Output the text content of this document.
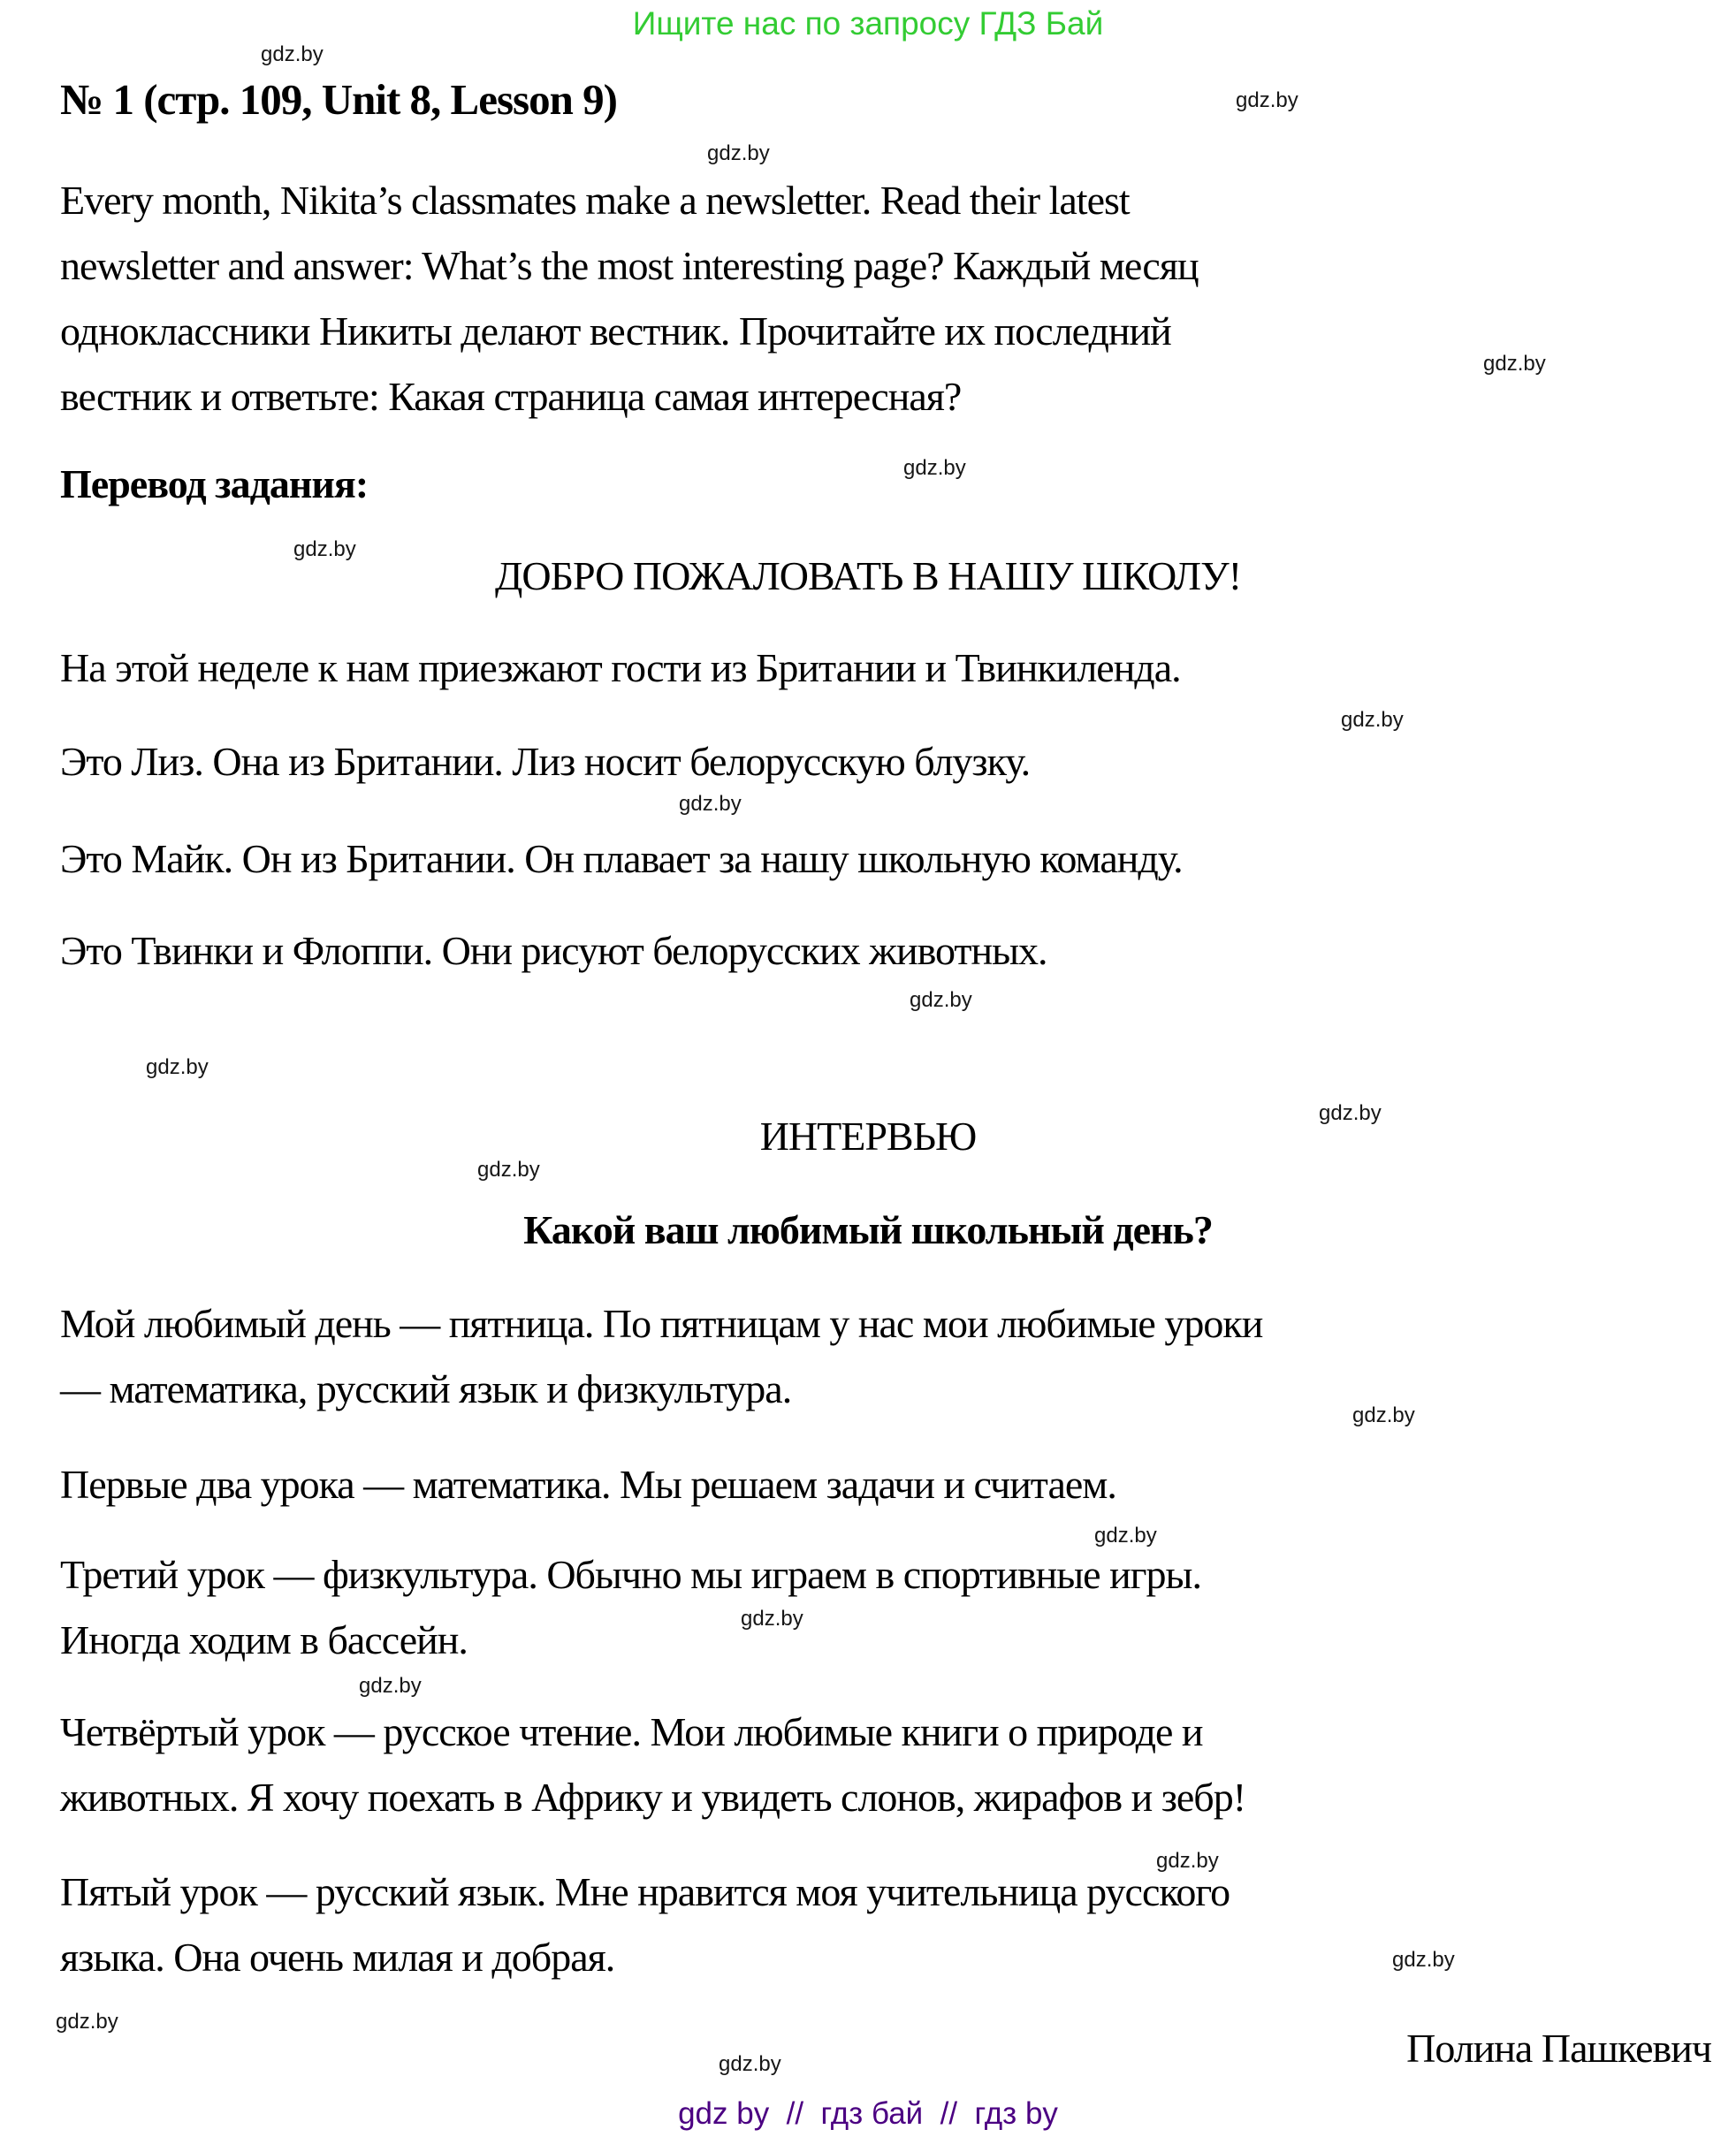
Ищите нас по запросу ГДЗ Бай
№ 1 (стр. 109, Unit 8, Lesson 9)
Every month, Nikita’s classmates make a newsletter. Read their latest
newsletter and answer: What’s the most interesting page? Каждый месяц
одноклассники Никиты делают вестник. Прочитайте их последний
вестник и ответьте: Какая страница самая интересная?
Перевод задания:
ДОБРО ПОЖАЛОВАТЬ В НАШУ ШКОЛУ!
На этой неделе к нам приезжают гости из Британии и Твинкиленда.
Это Лиз. Она из Британии. Лиз носит белорусскую блузку.
Это Майк. Он из Британии. Он плавает за нашу школьную команду.
Это Твинки и Флоппи. Они рисуют белорусских животных.
ИНТЕРВЬЮ
Какой ваш любимый школьный день?
Мой любимый день — пятница. По пятницам у нас мои любимые уроки
— математика, русский язык и физкультура.
Первые два урока — математика. Мы решаем задачи и считаем.
Третий урок — физкультура. Обычно мы играем в спортивные игры.
Иногда ходим в бассейн.
Четвёртый урок — русское чтение. Мои любимые книги о природе и
животных. Я хочу поехать в Африку и увидеть слонов, жирафов и зебр!
Пятый урок — русский язык. Мне нравится моя учительница русского
языка. Она очень милая и добрая.
Полина Пашкевич
gdz by  //  гдз бай  //  гдз by
gdz.by
gdz.by
gdz.by
gdz.by
gdz.by
gdz.by
gdz.by
gdz.by
gdz.by
gdz.by
gdz.by
gdz.by
gdz.by
gdz.by
gdz.by
gdz.by
gdz.by
gdz.by
gdz.by
gdz.by
